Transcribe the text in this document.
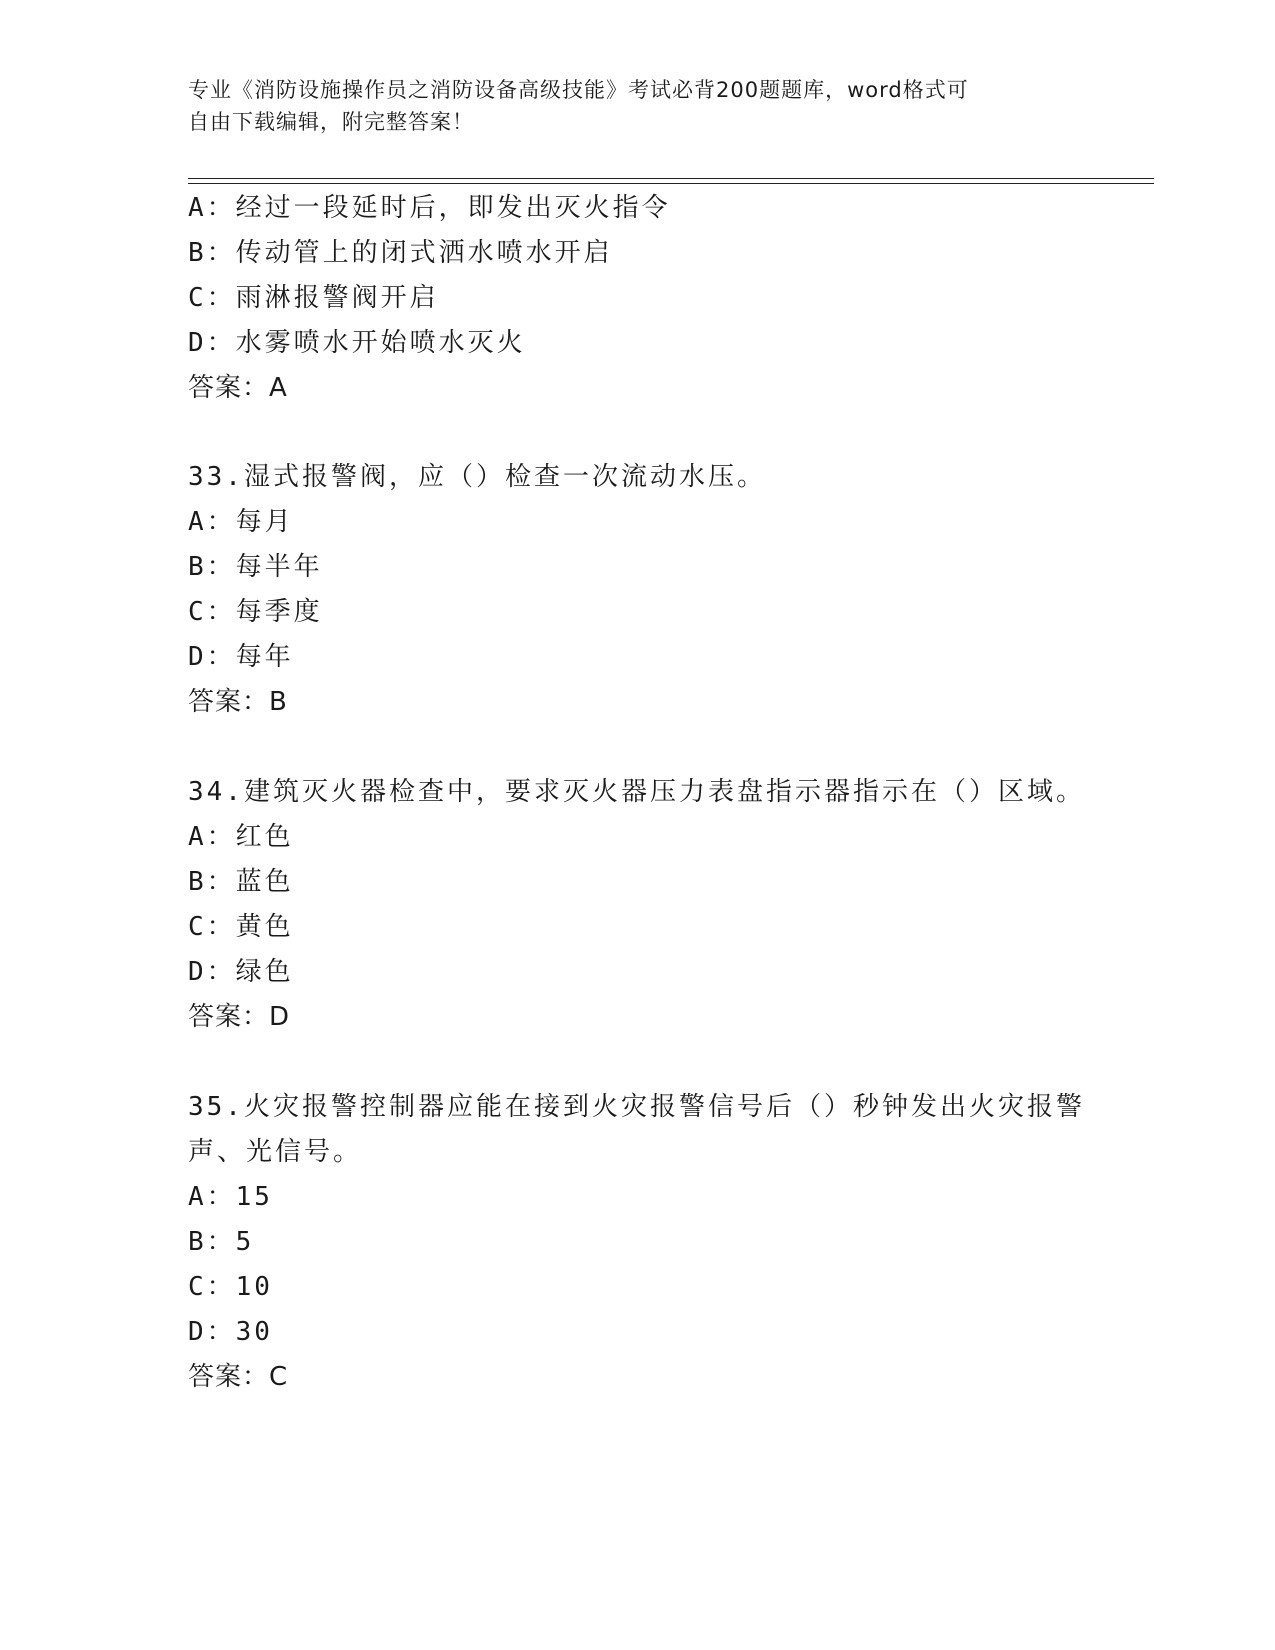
专业《消防设施操作员之消防设备高级技能》考试必背200题题库，word格式可
自由下载编辑，附完整答案！
A：经过一段延时后，即发出灭火指令
B：传动管上的闭式洒水喷水开启
C：雨淋报警阀开启
D：水雾喷水开始喷水灭火
答案：A
33.湿式报警阀，应（）检查一次流动水压。
A：每月
B：每半年
C：每季度
D：每年
答案：B
34.建筑灭火器检查中，要求灭火器压力表盘指示器指示在（）区域。
A：红色
B：蓝色
C：黄色
D：绿色
答案：D
35.火灾报警控制器应能在接到火灾报警信号后（）秒钟发出火灾报警
声、光信号。
A：15
B：5
C：10
D：30
答案：C
